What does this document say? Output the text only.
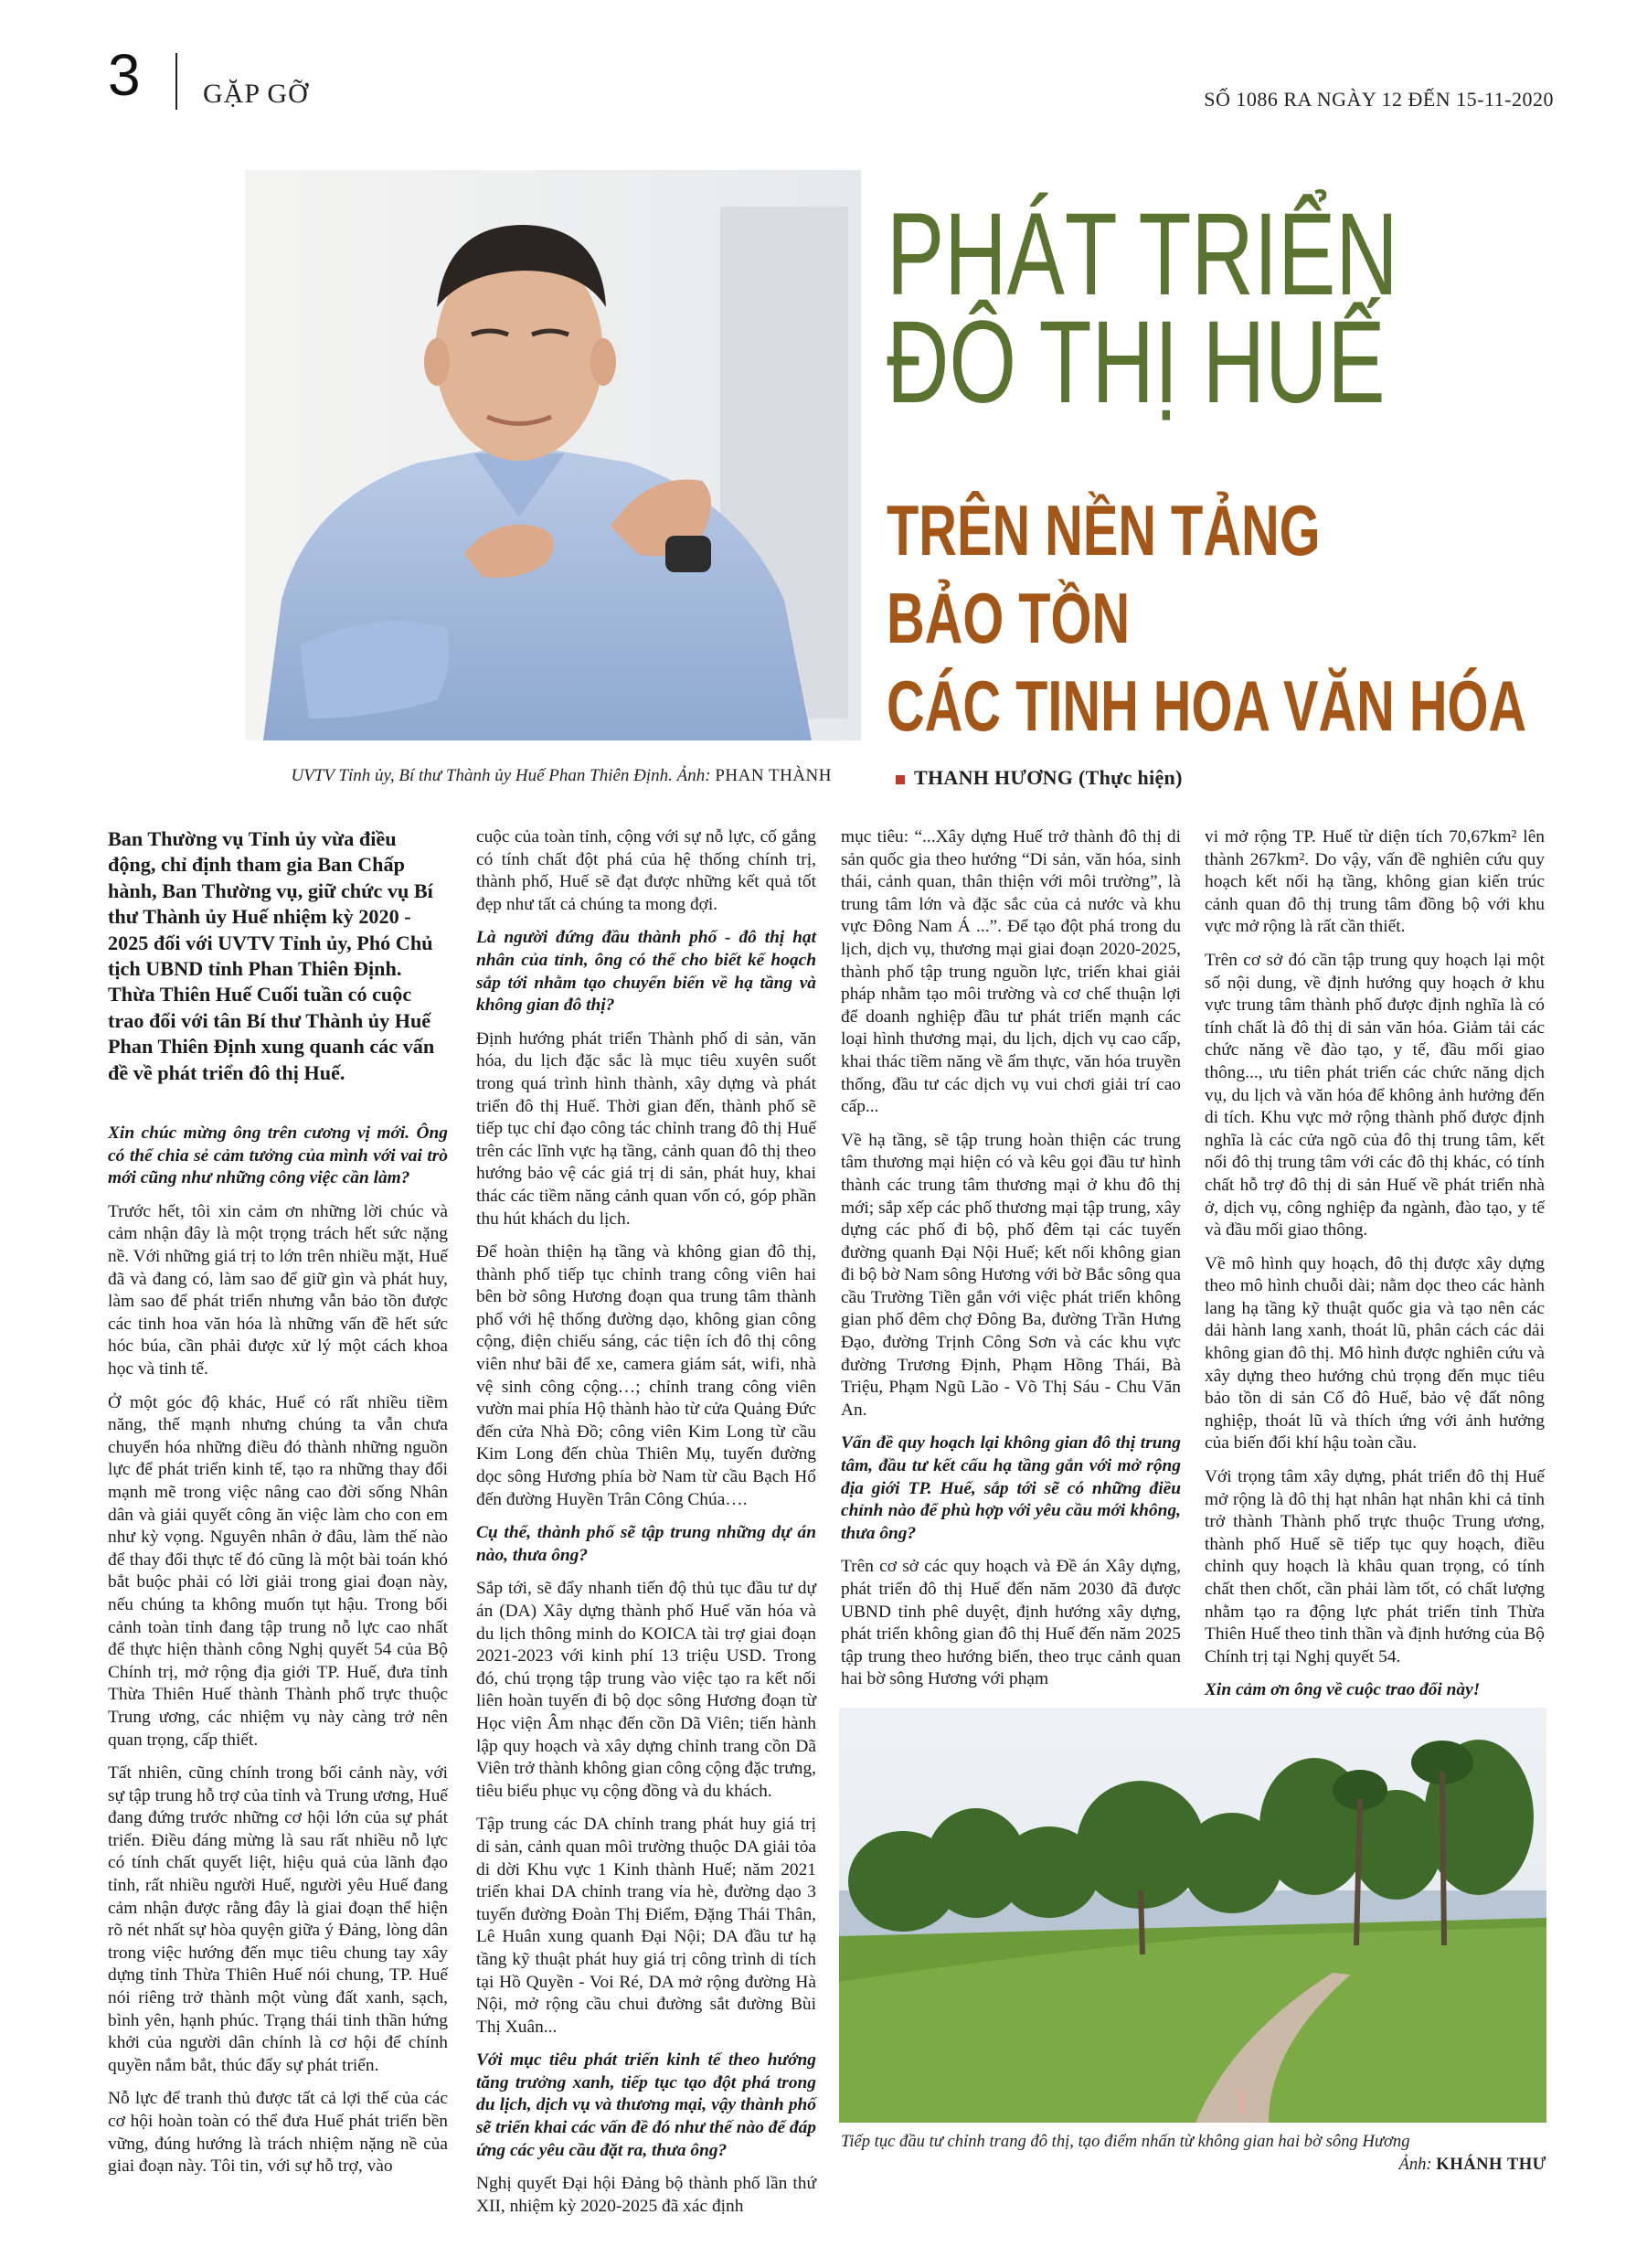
3 GẶP GỠ	SỐ 1086 RA NGÀY 12 ĐẾN 15-11-2020
UVTV Tỉnh ủy, Bí thư Thành ủy Huế Phan Thiên Định. Ảnh: PHAN THÀNH
PHÁT TRIỂN
ĐÔ THỊ HUẾ
TRÊN NỀN TẢNG
BẢO TỒN
CÁC TINH HOA VĂN HÓA
THANH HƯƠNG (Thực hiện)

Ban Thường vụ Tỉnh ủy vừa điều động, chỉ định tham gia Ban Chấp hành, Ban Thường vụ, giữ chức vụ Bí thư Thành ủy Huế nhiệm kỳ 2020 - 2025 đối với UVTV Tỉnh ủy, Phó Chủ tịch UBND tỉnh Phan Thiên Định. Thừa Thiên Huế Cuối tuần có cuộc trao đổi với tân Bí thư Thành ủy Huế Phan Thiên Định xung quanh các vấn đề về phát triển đô thị Huế.

Xin chúc mừng ông trên cương vị mới. Ông có thể chia sẻ cảm tưởng của mình với vai trò mới cũng như những công việc cần làm?

Trước hết, tôi xin cảm ơn những lời chúc và cảm nhận đây là một trọng trách hết sức nặng nề. Với những giá trị to lớn trên nhiều mặt, Huế đã và đang có, làm sao để giữ gìn và phát huy, làm sao để phát triển nhưng vẫn bảo tồn được các tinh hoa văn hóa là những vấn đề hết sức hóc búa, cần phải được xử lý một cách khoa học và tinh tế.

Ở một góc độ khác, Huế có rất nhiều tiềm năng, thế mạnh nhưng chúng ta vẫn chưa chuyển hóa những điều đó thành những nguồn lực để phát triển kinh tế, tạo ra những thay đổi mạnh mẽ trong việc nâng cao đời sống Nhân dân và giải quyết công ăn việc làm cho con em như kỳ vọng. Nguyên nhân ở đâu, làm thế nào để thay đổi thực tế đó cũng là một bài toán khó bắt buộc phải có lời giải trong giai đoạn này, nếu chúng ta không muốn tụt hậu. Trong bối cảnh toàn tỉnh đang tập trung nỗ lực cao nhất để thực hiện thành công Nghị quyết 54 của Bộ Chính trị, mở rộng địa giới TP. Huế, đưa tỉnh Thừa Thiên Huế thành Thành phố trực thuộc Trung ương, các nhiệm vụ này càng trở nên quan trọng, cấp thiết.

Tất nhiên, cũng chính trong bối cảnh này, với sự tập trung hỗ trợ của tỉnh và Trung ương, Huế đang đứng trước những cơ hội lớn của sự phát triển. Điều đáng mừng là sau rất nhiều nỗ lực có tính chất quyết liệt, hiệu quả của lãnh đạo tỉnh, rất nhiều người Huế, người yêu Huế đang cảm nhận được rằng đây là giai đoạn thể hiện rõ nét nhất sự hòa quyện giữa ý Đảng, lòng dân trong việc hướng đến mục tiêu chung tay xây dựng tỉnh Thừa Thiên Huế nói chung, TP. Huế nói riêng trở thành một vùng đất xanh, sạch, bình yên, hạnh phúc. Trạng thái tinh thần hứng khởi của người dân chính là cơ hội để chính quyền nắm bắt, thúc đẩy sự phát triển.

Nỗ lực để tranh thủ được tất cả lợi thế của các cơ hội hoàn toàn có thể đưa Huế phát triển bền vững, đúng hướng là trách nhiệm nặng nề của giai đoạn này. Tôi tin, với sự hỗ trợ, vào

cuộc của toàn tỉnh, cộng với sự nỗ lực, cố gắng có tính chất đột phá của hệ thống chính trị, thành phố, Huế sẽ đạt được những kết quả tốt đẹp như tất cả chúng ta mong đợi.

Là người đứng đầu thành phố - đô thị hạt nhân của tỉnh, ông có thể cho biết kế hoạch sắp tới nhằm tạo chuyển biến về hạ tầng và không gian đô thị?

Định hướng phát triển Thành phố di sản, văn hóa, du lịch đặc sắc là mục tiêu xuyên suốt trong quá trình hình thành, xây dựng và phát triển đô thị Huế. Thời gian đến, thành phố sẽ tiếp tục chỉ đạo công tác chỉnh trang đô thị Huế trên các lĩnh vực hạ tầng, cảnh quan đô thị theo hướng bảo vệ các giá trị di sản, phát huy, khai thác các tiềm năng cảnh quan vốn có, góp phần thu hút khách du lịch.

Để hoàn thiện hạ tầng và không gian đô thị, thành phố tiếp tục chỉnh trang công viên hai bên bờ sông Hương đoạn qua trung tâm thành phố với hệ thống đường dạo, không gian công cộng, điện chiếu sáng, các tiện ích đô thị công viên như bãi để xe, camera giám sát, wifi, nhà vệ sinh công cộng…; chỉnh trang công viên vườn mai phía Hộ thành hào từ cửa Quảng Đức đến cửa Nhà Đồ; công viên Kim Long từ cầu Kim Long đến chùa Thiên Mụ, tuyến đường dọc sông Hương phía bờ Nam từ cầu Bạch Hổ đến đường Huyền Trân Công Chúa….

Cụ thể, thành phố sẽ tập trung những dự án nào, thưa ông?

Sắp tới, sẽ đẩy nhanh tiến độ thủ tục đầu tư dự án (DA) Xây dựng thành phố Huế văn hóa và du lịch thông minh do KOICA tài trợ giai đoạn 2021-2023 với kinh phí 13 triệu USD. Trong đó, chú trọng tập trung vào việc tạo ra kết nối liên hoàn tuyến đi bộ dọc sông Hương đoạn từ Học viện Âm nhạc đến cồn Dã Viên; tiến hành lập quy hoạch và xây dựng chỉnh trang cồn Dã Viên trở thành không gian công cộng đặc trưng, tiêu biểu phục vụ cộng đồng và du khách.

Tập trung các DA chỉnh trang phát huy giá trị di sản, cảnh quan môi trường thuộc DA giải tỏa di dời Khu vực 1 Kinh thành Huế; năm 2021 triển khai DA chỉnh trang vỉa hè, đường dạo 3 tuyến đường Đoàn Thị Điểm, Đặng Thái Thân, Lê Huân xung quanh Đại Nội; DA đầu tư hạ tầng kỹ thuật phát huy giá trị công trình di tích tại Hồ Quyền - Voi Ré, DA mở rộng đường Hà Nội, mở rộng cầu chui đường sắt đường Bùi Thị Xuân...

Với mục tiêu phát triển kinh tế theo hướng tăng trưởng xanh, tiếp tục tạo đột phá trong du lịch, dịch vụ và thương mại, vậy thành phố sẽ triển khai các vấn đề đó như thế nào để đáp ứng các yêu cầu đặt ra, thưa ông?

Nghị quyết Đại hội Đảng bộ thành phố lần thứ XII, nhiệm kỳ 2020-2025 đã xác định

mục tiêu: “...Xây dựng Huế trở thành đô thị di sản quốc gia theo hướng “Di sản, văn hóa, sinh thái, cảnh quan, thân thiện với môi trường”, là trung tâm lớn và đặc sắc của cả nước và khu vực Đông Nam Á ...”. Để tạo đột phá trong du lịch, dịch vụ, thương mại giai đoạn 2020-2025, thành phố tập trung nguồn lực, triển khai giải pháp nhằm tạo môi trường và cơ chế thuận lợi để doanh nghiệp đầu tư phát triển mạnh các loại hình thương mại, du lịch, dịch vụ cao cấp, khai thác tiềm năng về ẩm thực, văn hóa truyền thống, đầu tư các dịch vụ vui chơi giải trí cao cấp...

Về hạ tầng, sẽ tập trung hoàn thiện các trung tâm thương mại hiện có và kêu gọi đầu tư hình thành các trung tâm thương mại ở khu đô thị mới; sắp xếp các phố thương mại tập trung, xây dựng các phố đi bộ, phố đêm tại các tuyến đường quanh Đại Nội Huế; kết nối không gian đi bộ bờ Nam sông Hương với bờ Bắc sông qua cầu Trường Tiền gắn với việc phát triển không gian phố đêm chợ Đông Ba, đường Trần Hưng Đạo, đường Trịnh Công Sơn và các khu vực đường Trương Định, Phạm Hồng Thái, Bà Triệu, Phạm Ngũ Lão - Võ Thị Sáu - Chu Văn An.

Vấn đề quy hoạch lại không gian đô thị trung tâm, đầu tư kết cấu hạ tầng gắn với mở rộng địa giới TP. Huế, sắp tới sẽ có những điều chỉnh nào để phù hợp với yêu cầu mới không, thưa ông?

Trên cơ sở các quy hoạch và Đề án Xây dựng, phát triển đô thị Huế đến năm 2030 đã được UBND tỉnh phê duyệt, định hướng xây dựng, phát triển không gian đô thị Huế đến năm 2025 tập trung theo hướng biển, theo trục cảnh quan hai bờ sông Hương với phạm

vi mở rộng TP. Huế từ diện tích 70,67km² lên thành 267km². Do vậy, vấn đề nghiên cứu quy hoạch kết nối hạ tầng, không gian kiến trúc cảnh quan đô thị trung tâm đồng bộ với khu vực mở rộng là rất cần thiết.

Trên cơ sở đó cần tập trung quy hoạch lại một số nội dung, về định hướng quy hoạch ở khu vực trung tâm thành phố được định nghĩa là có tính chất là đô thị di sản văn hóa. Giảm tải các chức năng về đào tạo, y tế, đầu mối giao thông..., ưu tiên phát triển các chức năng dịch vụ, du lịch và văn hóa để không ảnh hưởng đến di tích. Khu vực mở rộng thành phố được định nghĩa là các cửa ngõ của đô thị trung tâm, kết nối đô thị trung tâm với các đô thị khác, có tính chất hỗ trợ đô thị di sản Huế về phát triển nhà ở, dịch vụ, công nghiệp đa ngành, đào tạo, y tế và đầu mối giao thông.

Về mô hình quy hoạch, đô thị được xây dựng theo mô hình chuỗi dài; nằm dọc theo các hành lang hạ tầng kỹ thuật quốc gia và tạo nên các dải hành lang xanh, thoát lũ, phân cách các dải không gian đô thị. Mô hình được nghiên cứu và xây dựng theo hướng chủ trọng đến mục tiêu bảo tồn di sản Cố đô Huế, bảo vệ đất nông nghiệp, thoát lũ và thích ứng với ảnh hưởng của biến đổi khí hậu toàn cầu.

Với trọng tâm xây dựng, phát triển đô thị Huế mở rộng là đô thị hạt nhân hạt nhân khi cả tỉnh trở thành Thành phố trực thuộc Trung ương, thành phố Huế sẽ tiếp tục quy hoạch, điều chỉnh quy hoạch là khâu quan trọng, có tính chất then chốt, cần phải làm tốt, có chất lượng nhằm tạo ra động lực phát triển tỉnh Thừa Thiên Huế theo tinh thần và định hướng của Bộ Chính trị tại Nghị quyết 54.

Xin cảm ơn ông về cuộc trao đổi này!

Tiếp tục đầu tư chỉnh trang đô thị, tạo điểm nhấn từ không gian hai bờ sông Hương
Ảnh: KHÁNH THƯ
